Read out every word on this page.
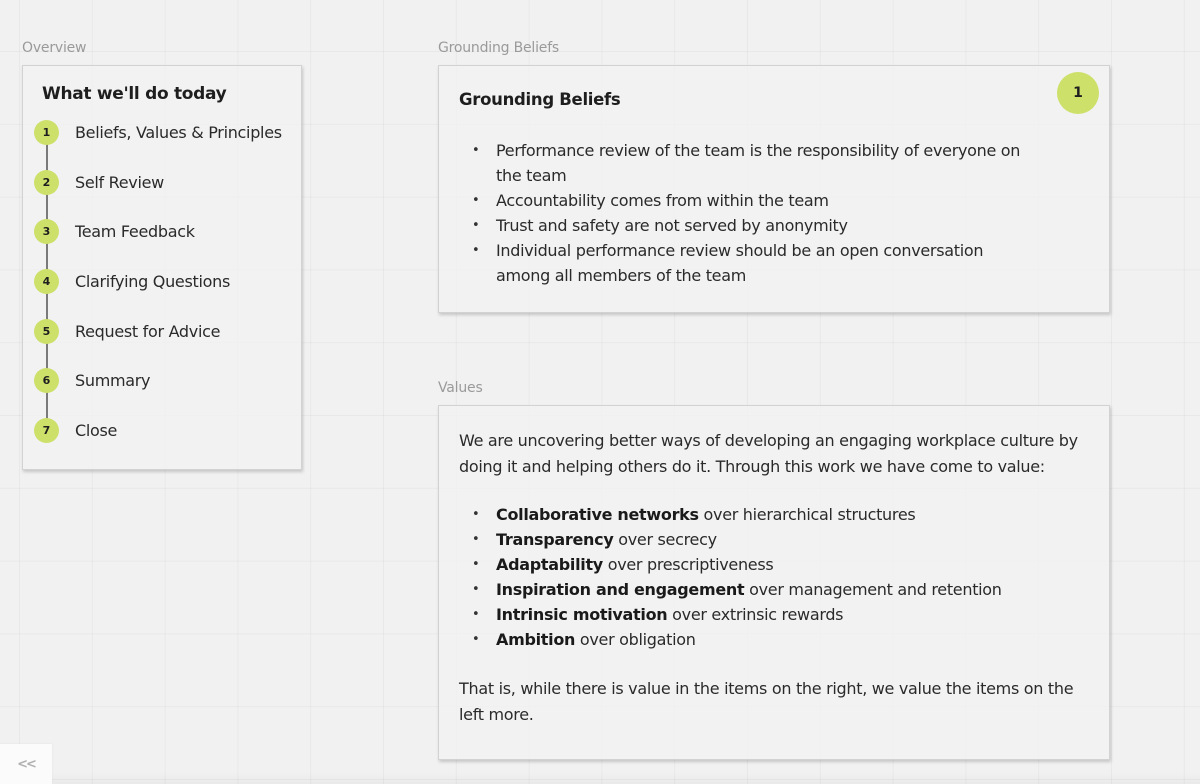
Overview
What we'll do today
1	Beliefs, Values & Principles
2	Self Review
3	Team Feedback
4	Clarifying Questions
5	Request for Advice
6	Summary
7	Close
Grounding Beliefs
Grounding Beliefs	1
• Performance review of the team is the responsibility of everyone on the team
• Accountability comes from within the team
• Trust and safety are not served by anonymity
• Individual performance review should be an open conversation among all members of the team
Values
We are uncovering better ways of developing an engaging workplace culture by doing it and helping others do it. Through this work we have come to value:
• Collaborative networks over hierarchical structures
• Transparency over secrecy
• Adaptability over prescriptiveness
• Inspiration and engagement over management and retention
• Intrinsic motivation over extrinsic rewards
• Ambition over obligation
That is, while there is value in the items on the right, we value the items on the left more.
<<
